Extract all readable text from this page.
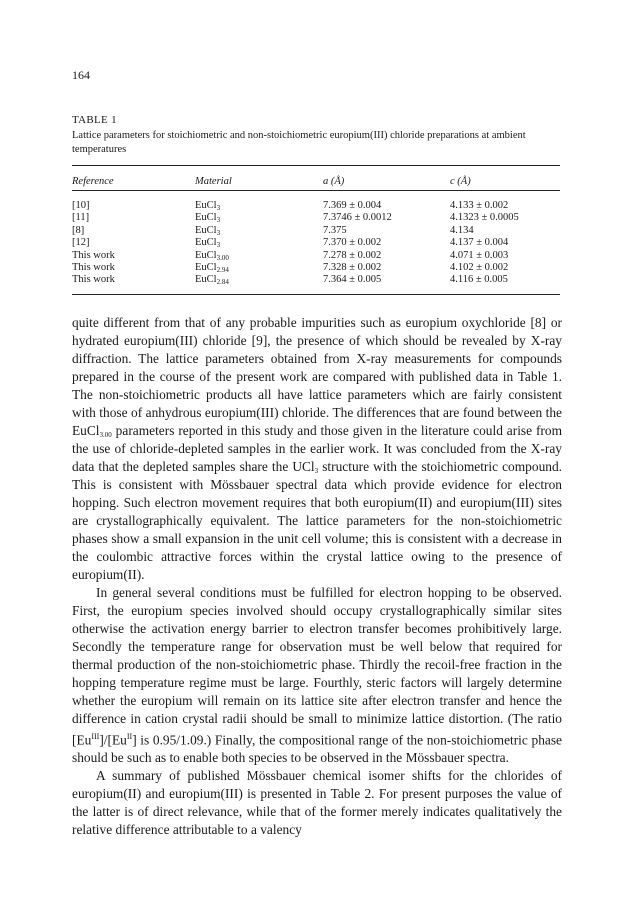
164
TABLE 1
Lattice parameters for stoichiometric and non-stoichiometric europium(III) chloride preparations at ambient temperatures
Reference	Material	a (Å)	c (Å)
[10]	EuCl$_3$	7.369 ± 0.004	4.133 ± 0.002
[11]	EuCl$_3$	7.3746 ± 0.0012	4.1323 ± 0.0005
[8]	EuCl$_3$	7.375	4.134
[12]	EuCl$_3$	7.370 ± 0.002	4.137 ± 0.004
This work	EuCl$_{3.00}$	7.278 ± 0.002	4.071 ± 0.003
This work	EuCl$_{2.94}$	7.328 ± 0.002	4.102 ± 0.002
This work	EuCl$_{2.84}$	7.364 ± 0.005	4.116 ± 0.005

quite different from that of any probable impurities such as europium oxychloride [8] or hydrated europium(III) chloride [9], the presence of which should be revealed by X-ray diffraction. The lattice parameters obtained from X-ray measurements for compounds prepared in the course of the present work are compared with published data in Table 1. The non-stoichiometric products all have lattice parameters which are fairly consistent with those of anhydrous europium(III) chloride. The differences that are found between the EuCl$_{3.00}$ parameters reported in this study and those given in the literature could arise from the use of chloride-depleted samples in the earlier work. It was concluded from the X-ray data that the depleted samples share the UCl$_3$ structure with the stoichiometric compound. This is consistent with Mössbauer spectral data which provide evidence for electron hopping. Such electron movement requires that both europium(II) and europium(III) sites are crystallographically equivalent. The lattice parameters for the non-stoichiometric phases show a small expansion in the unit cell volume; this is consistent with a decrease in the coulombic attractive forces within the crystal lattice owing to the presence of europium(II).

In general several conditions must be fulfilled for electron hopping to be observed. First, the europium species involved should occupy crystallographically similar sites otherwise the activation energy barrier to electron transfer becomes prohibitively large. Secondly the temperature range for observation must be well below that required for thermal production of the non-stoichiometric phase. Thirdly the recoil-free fraction in the hopping temperature regime must be large. Fourthly, steric factors will largely determine whether the europium will remain on its lattice site after electron transfer and hence the difference in cation crystal radii should be small to minimize lattice distortion. (The ratio $[Eu^{III}]/[Eu^{II}]$ is 0.95/1.09.) Finally, the compositional range of the non-stoichiometric phase should be such as to enable both species to be observed in the Mössbauer spectra.

A summary of published Mössbauer chemical isomer shifts for the chlorides of europium(II) and europium(III) is presented in Table 2. For present purposes the value of the latter is of direct relevance, while that of the former merely indicates qualitatively the relative difference attributable to a valency
